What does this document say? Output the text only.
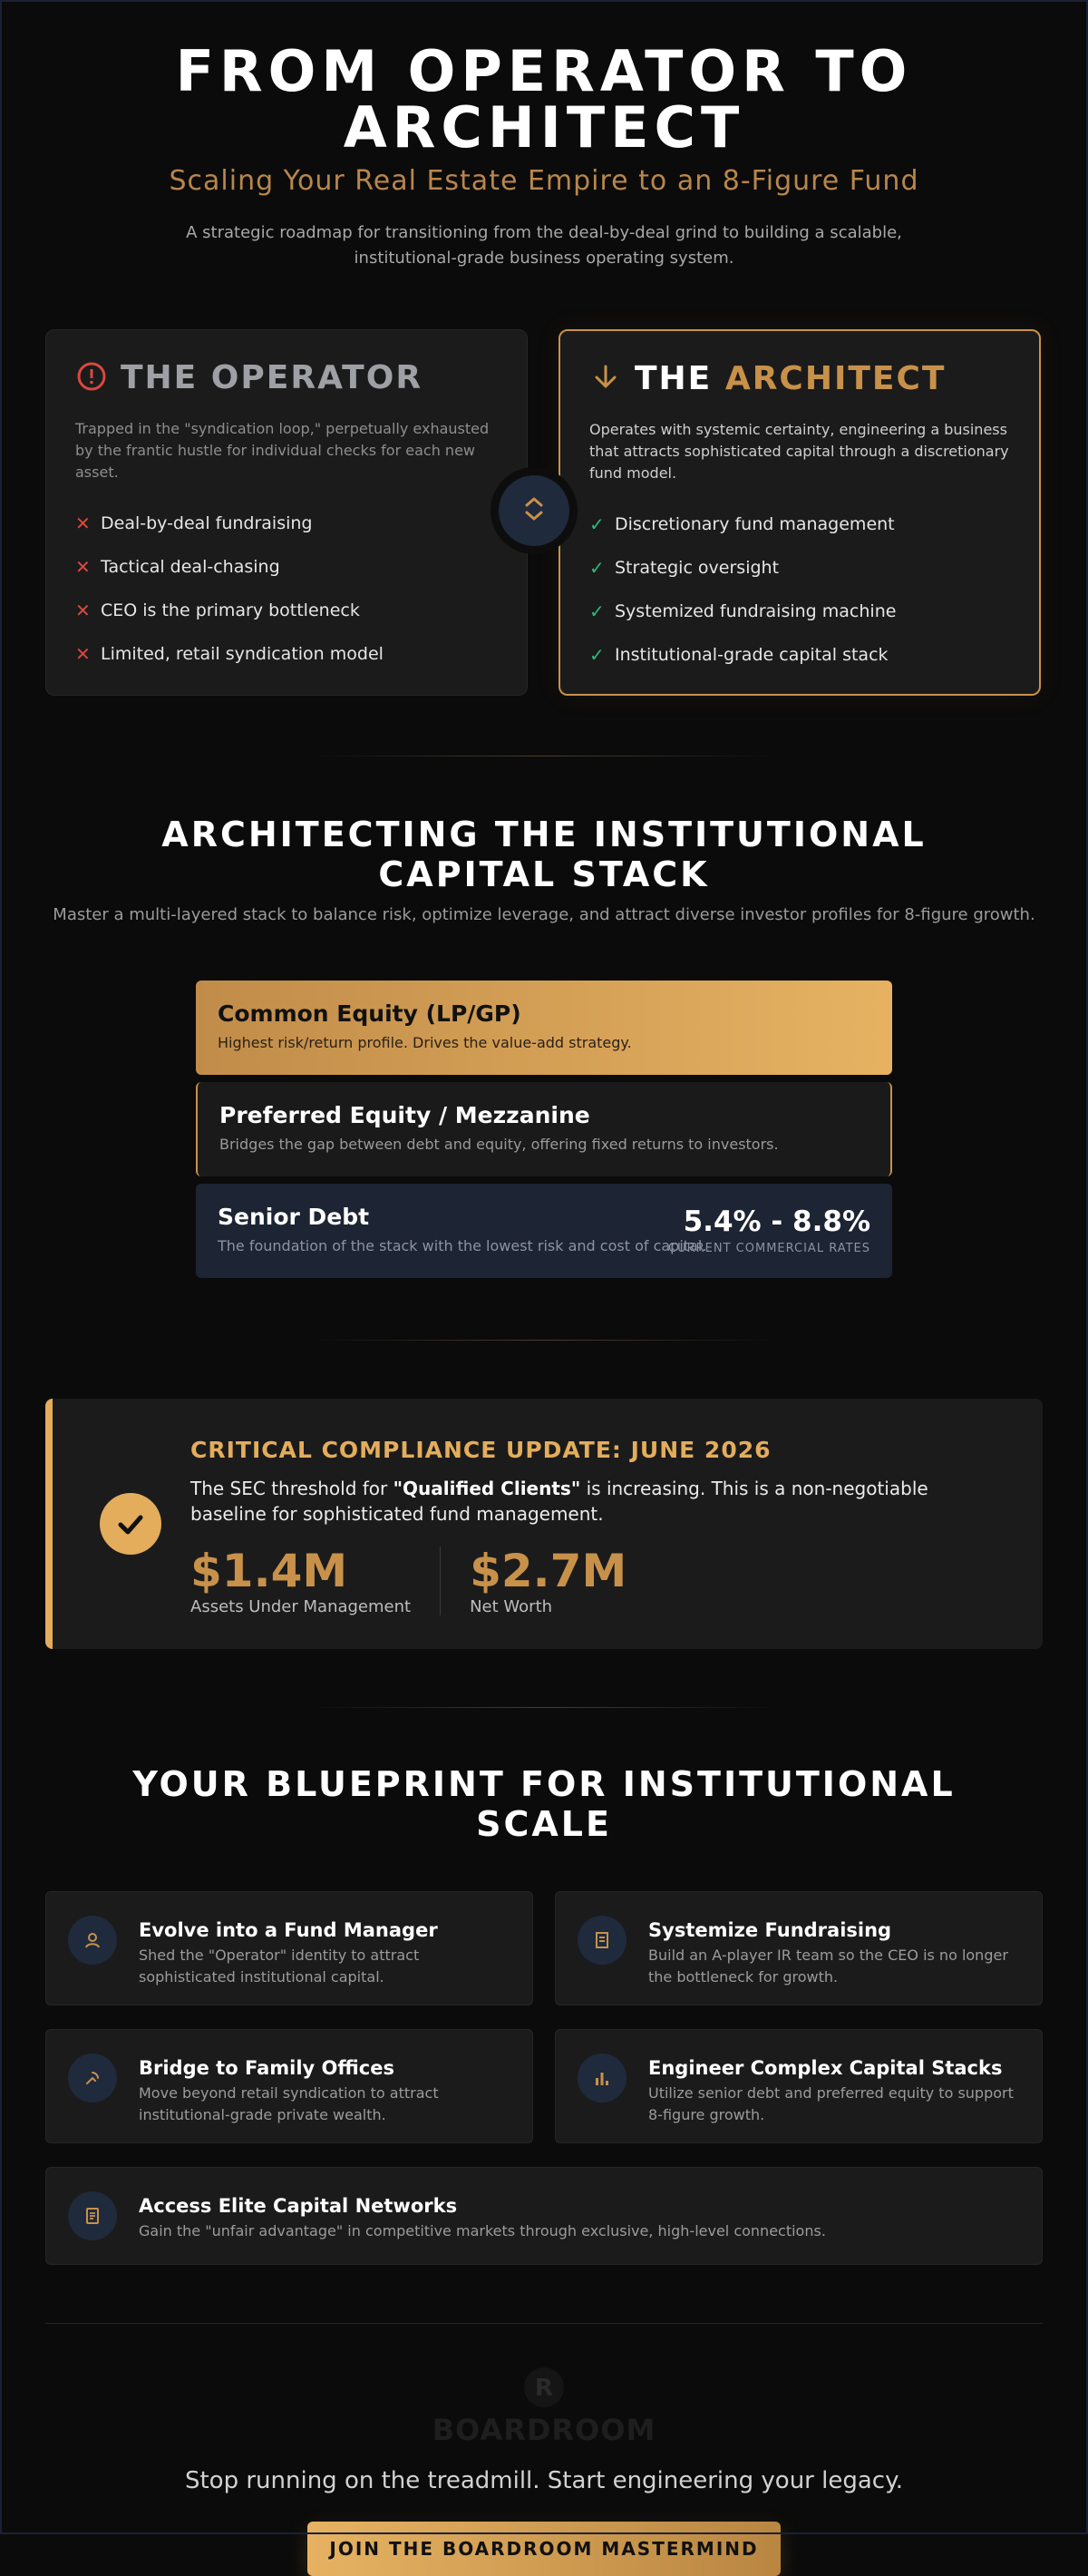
FROM OPERATOR TO ARCHITECT
Scaling Your Real Estate Empire to an 8-Figure Fund

A strategic roadmap for transitioning from the deal-by-deal grind to building a scalable, institutional-grade business operating system.

THE OPERATOR

Trapped in the "syndication loop," perpetually exhausted by the frantic hustle for individual checks for each new asset.

✕ Deal-by-deal fundraising
✕ Tactical deal-chasing
✕ CEO is the primary bottleneck
✕ Limited, retail syndication model
THE ARCHITECT

Operates with systemic certainty, engineering a business that attracts sophisticated capital through a discretionary fund model.

✓ Discretionary fund management
✓ Strategic oversight
✓ Systemized fundraising machine
✓ Institutional-grade capital stack
ARCHITECTING THE INSTITUTIONAL CAPITAL STACK

Master a multi-layered stack to balance risk, optimize leverage, and attract diverse investor profiles for 8-figure growth.

Common Equity (LP/GP)
Highest risk/return profile. Drives the value-add strategy.
Preferred Equity / Mezzanine
Bridges the gap between debt and equity, offering fixed returns to investors.
Senior Debt
The foundation of the stack with the lowest risk and cost of capital.
5.4% - 8.8%
CURRENT COMMERCIAL RATES
CRITICAL COMPLIANCE UPDATE: JUNE 2026

The SEC threshold for "Qualified Clients" is increasing. This is a non-negotiable baseline for sophisticated fund management.

$1.4M
Assets Under Management
$2.7M
Net Worth
YOUR BLUEPRINT FOR INSTITUTIONAL SCALE
Evolve into a Fund Manager
Shed the "Operator" identity to attract sophisticated institutional capital.
Systemize Fundraising
Build an A-player IR team so the CEO is no longer the bottleneck for growth.
Bridge to Family Offices
Move beyond retail syndication to attract institutional-grade private wealth.
Engineer Complex Capital Stacks
Utilize senior debt and preferred equity to support 8-figure growth.
Access Elite Capital Networks
Gain the "unfair advantage" in competitive markets through exclusive, high-level connections.
R
BOARDROOM

Stop running on the treadmill. Start engineering your legacy.

JOIN THE BOARDROOM MASTERMIND
